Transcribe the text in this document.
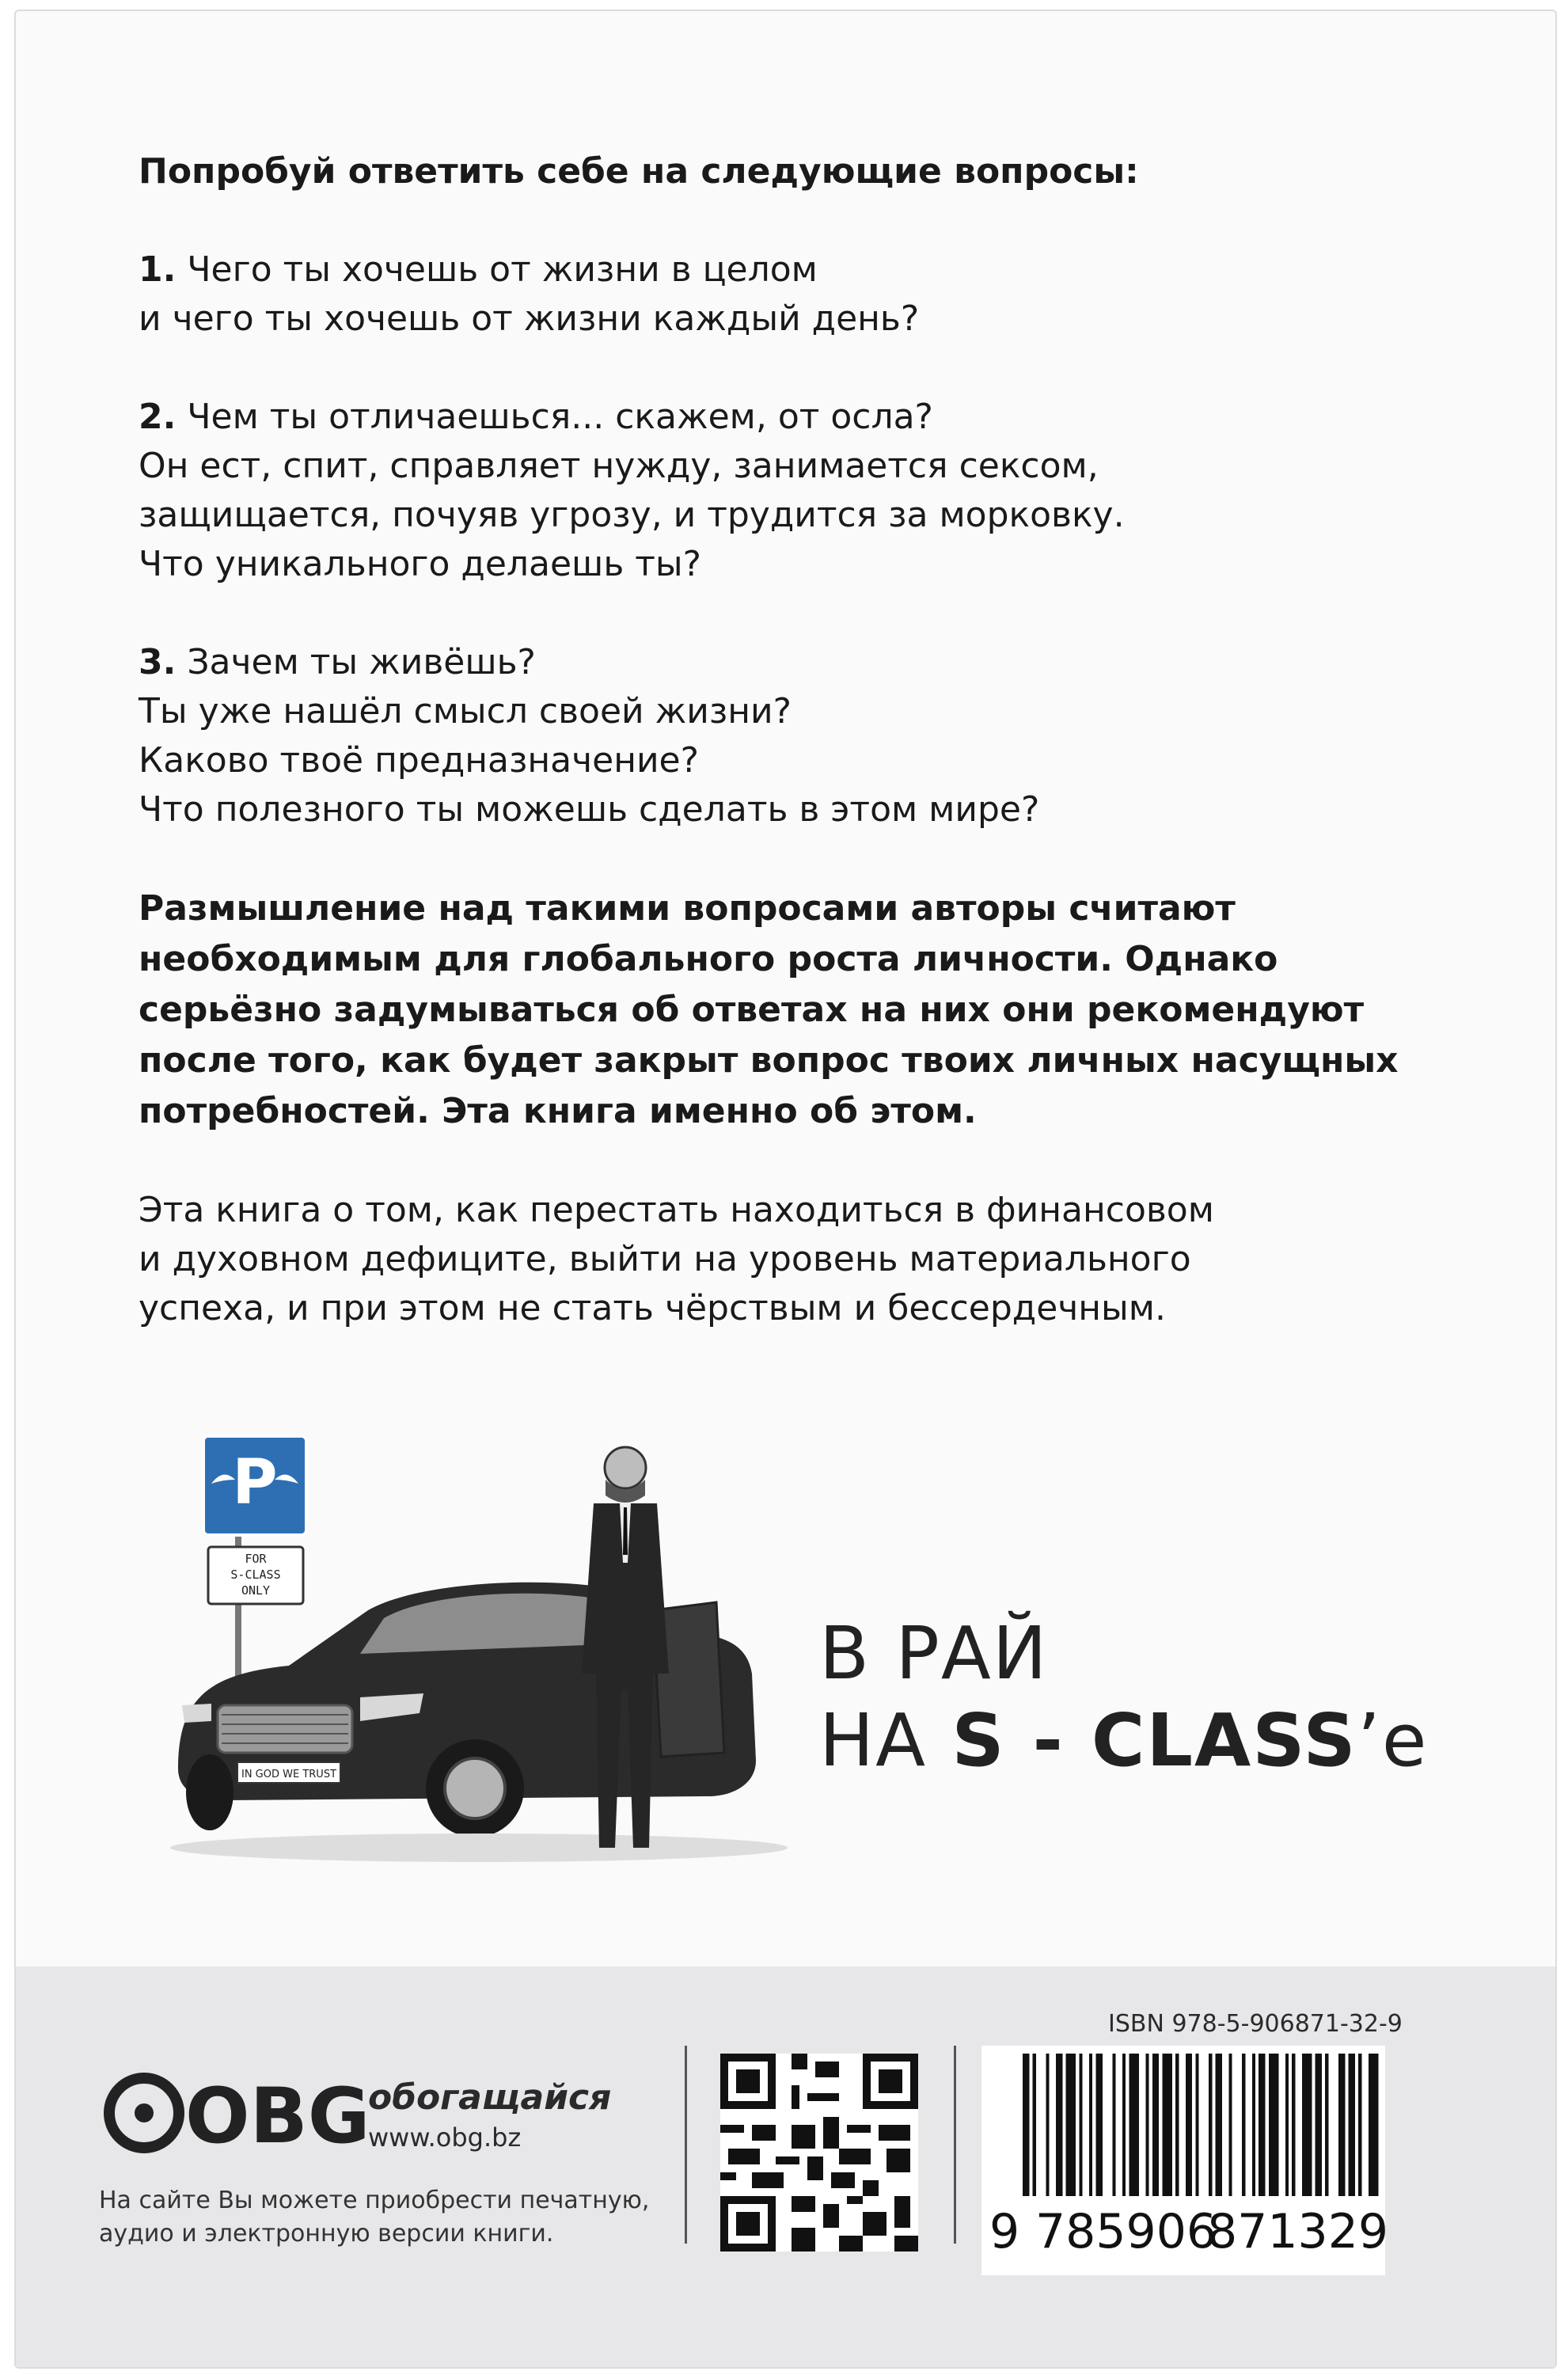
Попробуй ответить себе на следующие вопросы:

1. Чего ты хочешь от жизни в целом

и чего ты хочешь от жизни каждый день?

2. Чем ты отличаешься... скажем, от осла?

Он ест, спит, справляет нужду, занимается сексом,

защищается, почуяв угрозу, и трудится за морковку.

Что уникального делаешь ты?

3. Зачем ты живёшь?

Ты уже нашёл смысл своей жизни?

Каково твоё предназначение?

Что полезного ты можешь сделать в этом мире?

Размышление над такими вопросами авторы считают

необходимым для глобального роста личности. Однако

серьёзно задумываться об ответах на них они рекомендуют

после того, как будет закрыт вопрос твоих личных насущных

потребностей. Эта книга именно об этом.

Эта книга о том, как перестать находиться в финансовом

и духовном дефиците, выйти на уровень материального

успеха, и при этом не стать чёрствым и бессердечным.

P
FOR
S-CLASS
ONLY
IN GOD WE TRUST
В РАЙ
НА S - CLASS’е
OBG
обогащайся
www.obg.bz
На сайте Вы можете приобрести печатную,
аудио и электронную версии книги.
ISBN 978-5-906871-32-9
9 785906
871329
